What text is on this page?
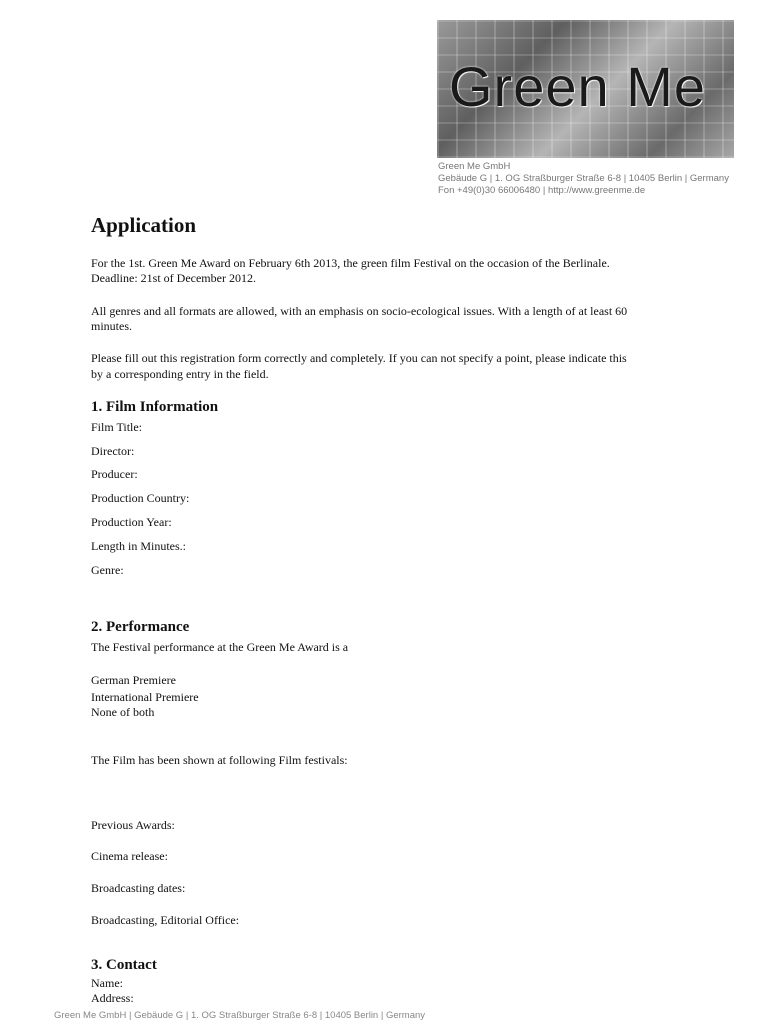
Green Me
Green Me GmbH
Gebäude G | 1. OG Straßburger Straße 6-8 | 10405 Berlin | Germany
Fon +49(0)30 66006480 | http://www.greenme.de
Application
For the 1st. Green Me Award on February 6th 2013, the green film Festival on the occasion of the Berlinale.
Deadline: 21st of December 2012.
All genres and all formats are allowed, with an emphasis on socio-ecological issues. With a length of at least 60
minutes.
Please fill out this registration form correctly and completely. If you can not specify a point, please indicate this
by a corresponding entry in the field.
1. Film Information
Film Title:
Director:
Producer:
Production Country:
Production Year:
Length in Minutes.:
Genre:
2. Performance
The Festival performance at the Green Me Award is a
German Premiere
International Premiere
None of both
The Film has been shown at following Film festivals:
Previous Awards:
Cinema release:
Broadcasting dates:
Broadcasting, Editorial Office:
3. Contact
Name:
Address:
Green Me GmbH | Gebäude G | 1. OG Straßburger Straße 6-8 | 10405 Berlin | Germany
